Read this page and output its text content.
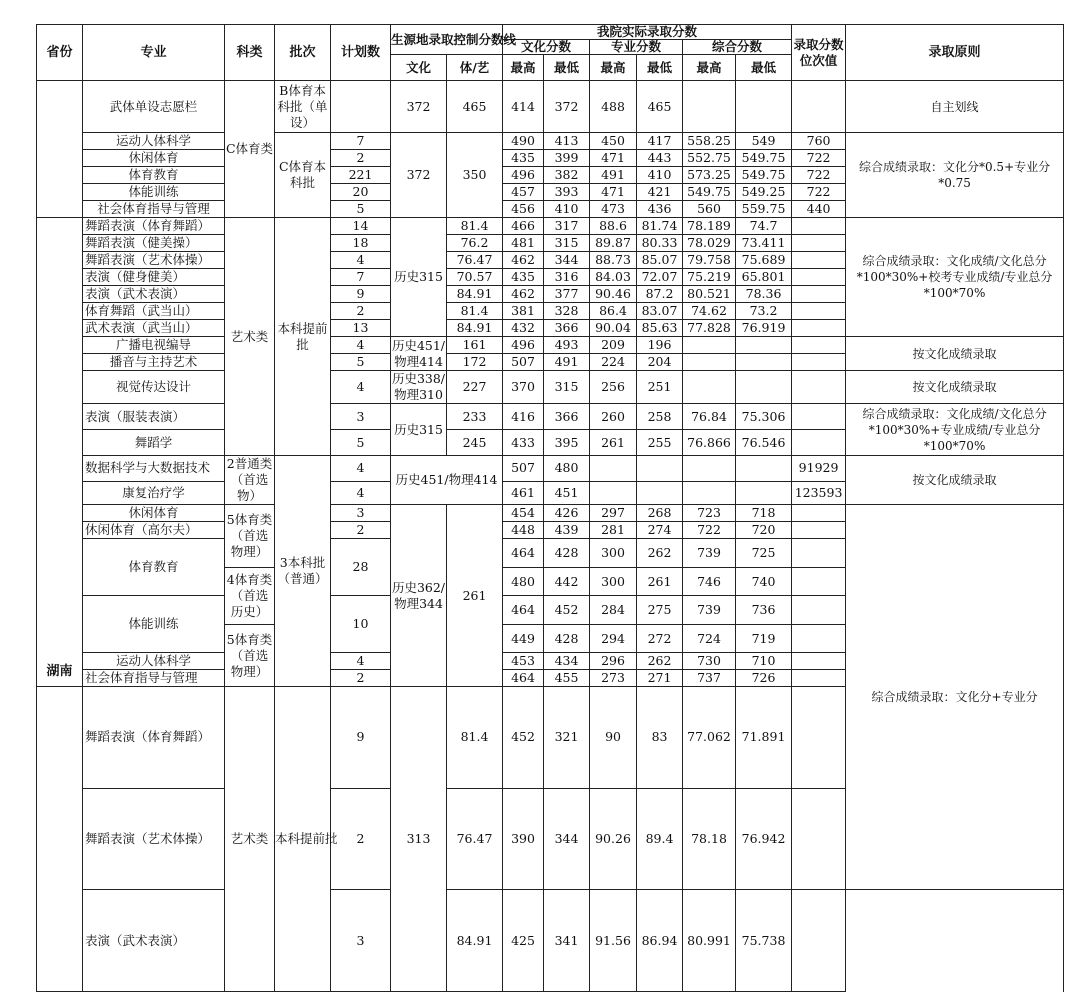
省份	专业	科类	批次	计划数	生源地录取控制分数线		我院实际录取分数						录取分数位次值	录取原则	
							文化分数		专业分数		综合分数				
					文化	体/艺	最高	最低	最高	最低	最高	最低			
	武体单设志愿栏	C体育类	B体育本科批（单设）		372	465	414	372	488	465				自主划线	
	运动人体科学		C体育本科批	7	372	350	490	413	450	417	558.25	549	760	综合成绩录取：文化分*0.5+专业分*0.75	
	休闲体育			2			435	399	471	443	552.75	549.75	722		
	体育教育			221			496	382	491	410	573.25	549.75	722		
	体能训练			20			457	393	471	421	549.75	549.25	722		
	社会体育指导与管理			5			456	410	473	436	560	559.75	440		
湖南	舞蹈表演（体育舞蹈）	艺术类	本科提前批	14	历史315	81.4	466	317	88.6	81.74	78.189	74.7		综合成绩录取：文化成绩/文化总分*100*30%+校考专业成绩/专业总分*100*70%	
	舞蹈表演（健美操）			18		76.2	481	315	89.87	80.33	78.029	73.411			
	舞蹈表演（艺术体操）			4		76.47	462	344	88.73	85.07	79.758	75.689			
	表演（健身健美）			7		70.57	435	316	84.03	72.07	75.219	65.801			
	表演（武术表演）			9		84.91	462	377	90.46	87.2	80.521	78.36			
	体育舞蹈（武当山）			2		81.4	381	328	86.4	83.07	74.62	73.2			
	武术表演（武当山）			13		84.91	432	366	90.04	85.63	77.828	76.919			
	广播电视编导			4	历史451/物理414	161	496	493	209	196				按文化成绩录取	
	播音与主持艺术			5		172	507	491	224	204					
	视觉传达设计			4	历史338/物理310	227	370	315	256	251				按文化成绩录取	
	表演（服装表演）			3	历史315	233	416	366	260	258	76.84	75.306		综合成绩录取：文化成绩/文化总分*100*30%+专业成绩/专业总分*100*70%	
	舞蹈学			5		245	433	395	261	255	76.866	76.546			
	数据科学与大数据技术	2普通类（首选物）	3本科批（普通）	4	历史451/物理414		507	480					91929	按文化成绩录取	
	康复治疗学			4			461	451					123593		
	休闲体育	5体育类（首选物理）		3	历史362/物理344	261	454	426	297	268	723	718		综合成绩录取：文化分+专业分	
	休闲体育（高尔夫）			2			448	439	281	274	722	720			
	体育教育			28			464	428	300	262	739	725			
		4体育类（首选历史）					480	442	300	261	746	740			
	体能训练			10			464	452	284	275	739	736			
		5体育类（首选物理）					449	428	294	272	724	719			
	运动人体科学			4			453	434	296	262	730	710			
	社会体育指导与管理			2			464	455	273	271	737	726			
	舞蹈表演（体育舞蹈）	艺术类	本科提前批	9	313	81.4	452	321	90	83	77.062	71.891		
	舞蹈表演（艺术体操）			2		76.47	390	344	90.26	89.4	78.18	76.942			
	表演（武术表演）			3		84.91	425	341	91.56	86.94	80.991	75.738			
